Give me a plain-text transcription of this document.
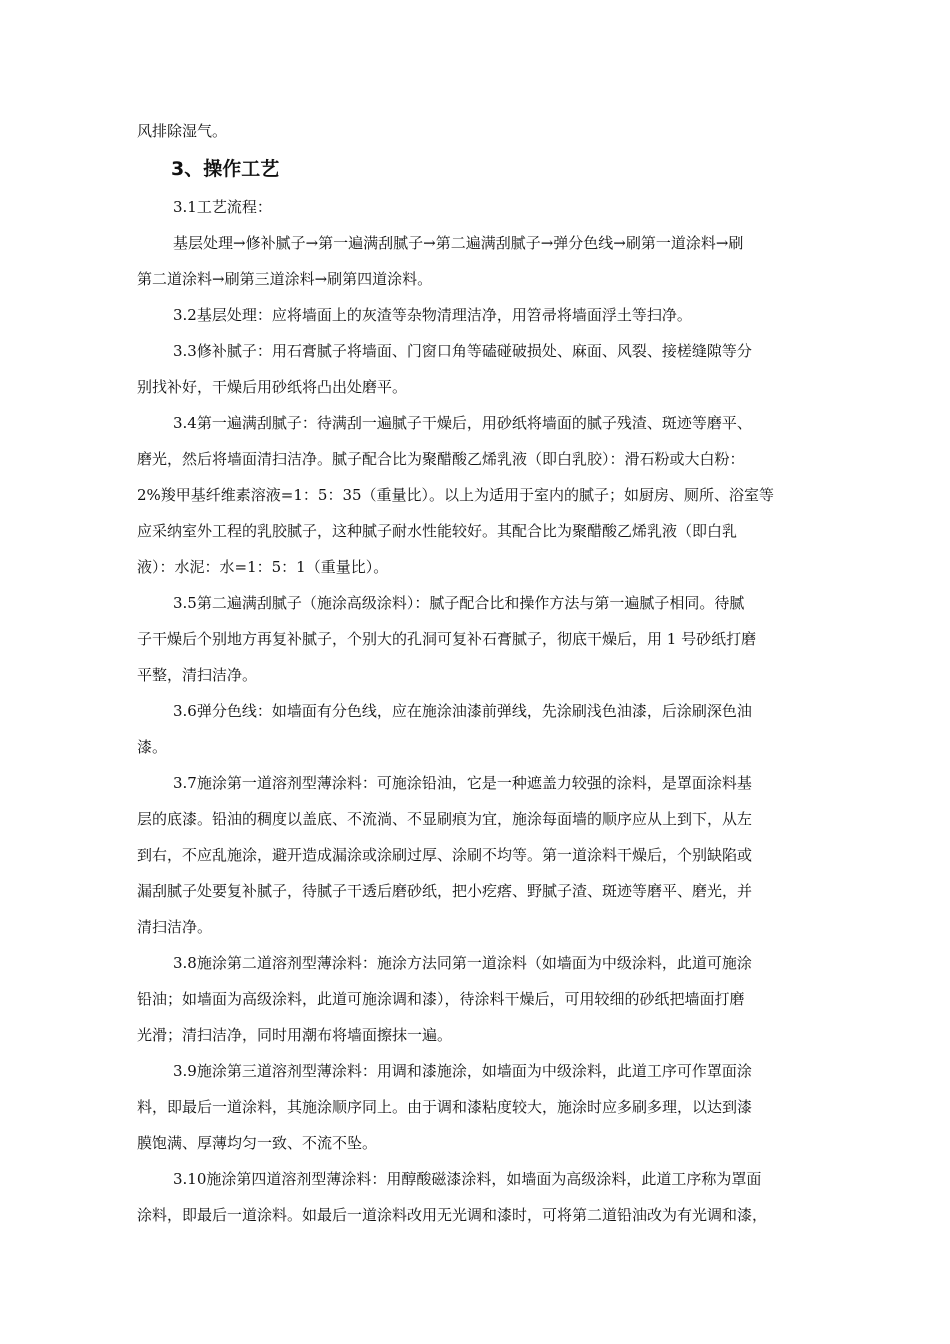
风排除湿气。

3、操作工艺

3.1工艺流程：

基层处理→修补腻子→第一遍满刮腻子→第二遍满刮腻子→弹分色线→刷第一道涂料→刷

第二道涂料→刷第三道涂料→刷第四道涂料。

3.2基层处理：应将墙面上的灰渣等杂物清理洁净，用笤帚将墙面浮土等扫净。

3.3修补腻子：用石膏腻子将墙面、门窗口角等磕碰破损处、麻面、风裂、接槎缝隙等分

别找补好，干燥后用砂纸将凸出处磨平。

3.4第一遍满刮腻子：待满刮一遍腻子干燥后，用砂纸将墙面的腻子残渣、斑迹等磨平、

磨光，然后将墙面清扫洁净。腻子配合比为聚醋酸乙烯乳液（即白乳胶）：滑石粉或大白粉：

2%羧甲基纤维素溶液=1：5：35（重量比）。以上为适用于室内的腻子；如厨房、厕所、浴室等

应采纳室外工程的乳胶腻子，这种腻子耐水性能较好。其配合比为聚醋酸乙烯乳液（即白乳

液）：水泥：水=1：5：1（重量比）。

3.5第二遍满刮腻子（施涂高级涂料）：腻子配合比和操作方法与第一遍腻子相同。待腻

子干燥后个别地方再复补腻子，个别大的孔洞可复补石膏腻子，彻底干燥后，用 1 号砂纸打磨

平整，清扫洁净。

3.6弹分色线：如墙面有分色线，应在施涂油漆前弹线，先涂刷浅色油漆，后涂刷深色油

漆。

3.7施涂第一道溶剂型薄涂料：可施涂铅油，它是一种遮盖力较强的涂料，是罩面涂料基

层的底漆。铅油的稠度以盖底、不流淌、不显刷痕为宜，施涂每面墙的顺序应从上到下，从左

到右，不应乱施涂，避开造成漏涂或涂刷过厚、涂刷不均等。第一道涂料干燥后，个别缺陷或

漏刮腻子处要复补腻子，待腻子干透后磨砂纸，把小疙瘩、野腻子渣、斑迹等磨平、磨光，并

清扫洁净。

3.8施涂第二道溶剂型薄涂料：施涂方法同第一道涂料（如墙面为中级涂料，此道可施涂

铅油；如墙面为高级涂料，此道可施涂调和漆），待涂料干燥后，可用较细的砂纸把墙面打磨

光滑；清扫洁净，同时用潮布将墙面擦抹一遍。

3.9施涂第三道溶剂型薄涂料：用调和漆施涂，如墙面为中级涂料，此道工序可作罩面涂

料，即最后一道涂料，其施涂顺序同上。由于调和漆粘度较大，施涂时应多刷多理，以达到漆

膜饱满、厚薄均匀一致、不流不坠。

3.10施涂第四道溶剂型薄涂料：用醇酸磁漆涂料，如墙面为高级涂料，此道工序称为罩面

涂料，即最后一道涂料。如最后一道涂料改用无光调和漆时，可将第二道铅油改为有光调和漆，
